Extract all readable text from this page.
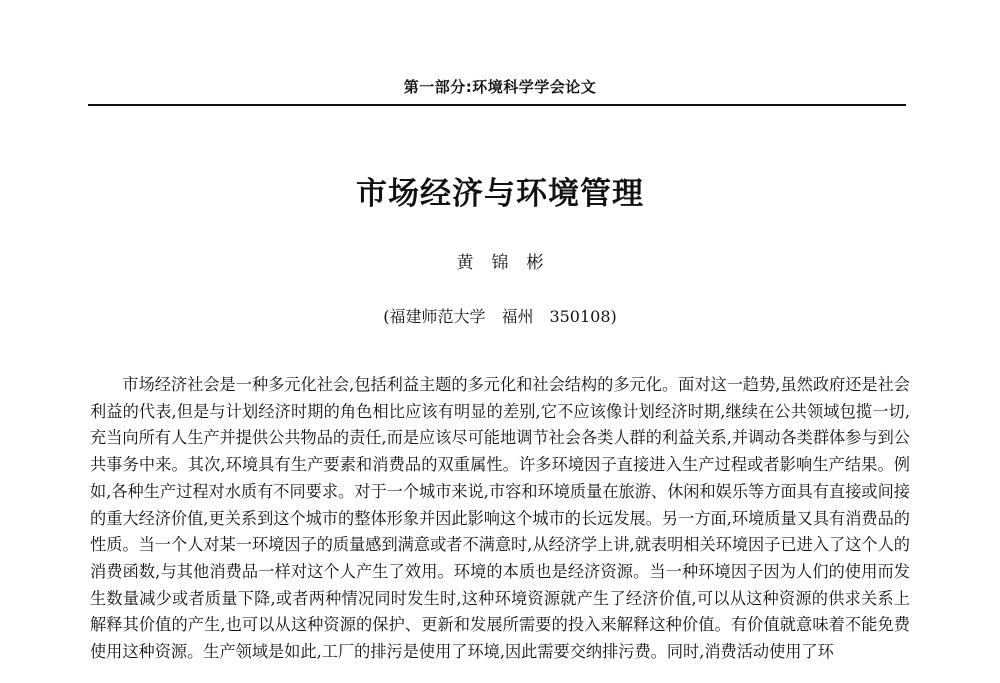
第一部分:环境科学学会论文
市场经济与环境管理
黄锦彬
(福建师范大学　福州　350108)

市场经济社会是一种多元化社会,包括利益主题的多元化和社会结构的多元化。面对这一趋势,虽然政府还是社会利益的代表,但是与计划经济时期的角色相比应该有明显的差别,它不应该像计划经济时期,继续在公共领域包揽一切,充当向所有人生产并提供公共物品的责任,而是应该尽可能地调节社会各类人群的利益关系,并调动各类群体参与到公共事务中来。其次,环境具有生产要素和消费品的双重属性。许多环境因子直接进入生产过程或者影响生产结果。例如,各种生产过程对水质有不同要求。对于一个城市来说,市容和环境质量在旅游、休闲和娱乐等方面具有直接或间接的重大经济价值,更关系到这个城市的整体形象并因此影响这个城市的长远发展。另一方面,环境质量又具有消费品的性质。当一个人对某一环境因子的质量感到满意或者不满意时,从经济学上讲,就表明相关环境因子已进入了这个人的消费函数,与其他消费品一样对这个人产生了效用。环境的本质也是经济资源。当一种环境因子因为人们的使用而发生数量减少或者质量下降,或者两种情况同时发生时,这种环境资源就产生了经济价值,可以从这种资源的供求关系上解释其价值的产生,也可以从这种资源的保护、更新和发展所需要的投入来解释这种价值。有价值就意味着不能免费使用这种资源。生产领域是如此,工厂的排污是使用了环境,因此需要交纳排污费。同时,消费活动使用了环
